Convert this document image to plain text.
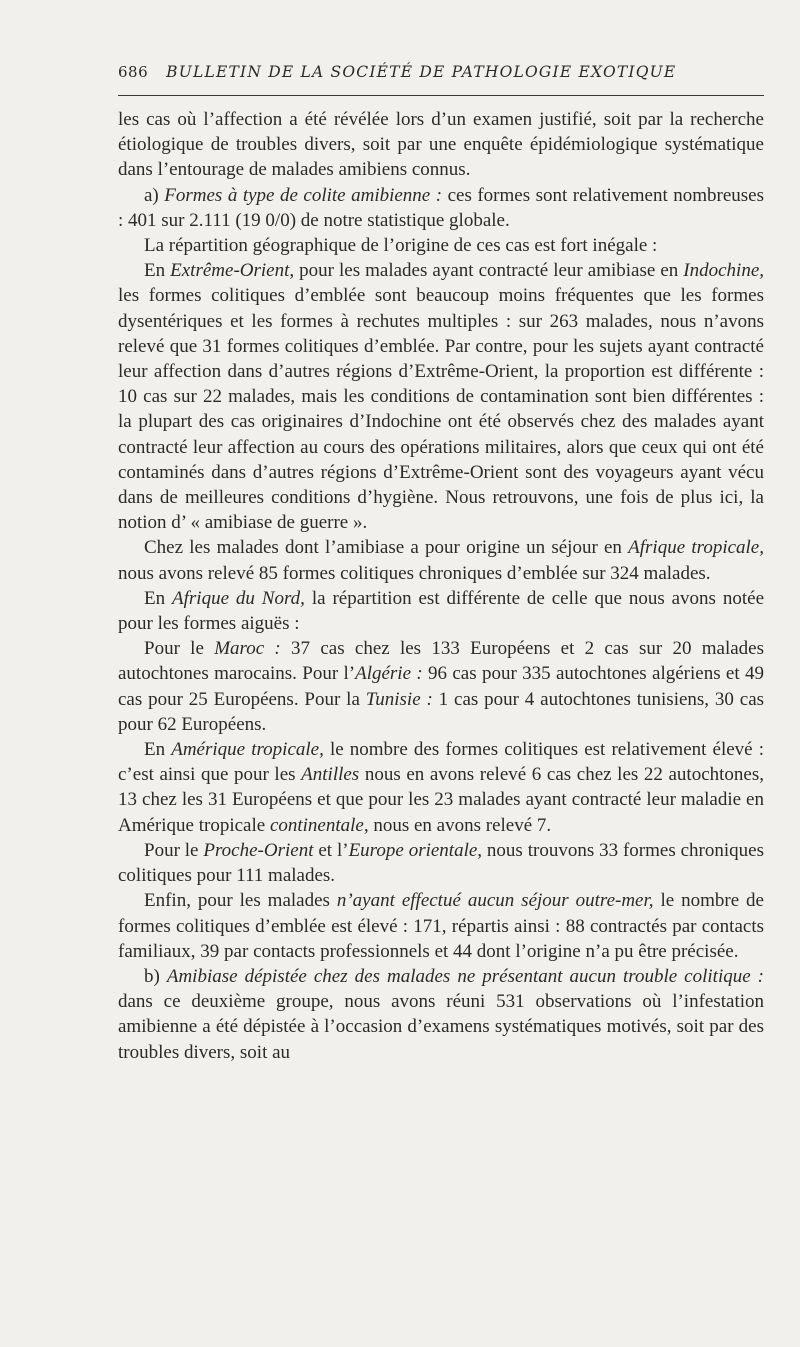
686 BULLETIN DE LA SOCIÉTÉ DE PATHOLOGIE EXOTIQUE

les cas où l’affection a été révélée lors d’un examen justifié, soit par la recherche étiologique de troubles divers, soit par une enquête épidémiologique systématique dans l’entourage de malades amibiens connus.

a) Formes à type de colite amibienne : ces formes sont relativement nombreuses : 401 sur 2.111 (19 0/0) de notre statistique globale.

La répartition géographique de l’origine de ces cas est fort inégale :

En Extrême-Orient, pour les malades ayant contracté leur amibiase en Indochine, les formes colitiques d’emblée sont beaucoup moins fréquentes que les formes dysentériques et les formes à rechutes multiples : sur 263 malades, nous n’avons relevé que 31 formes colitiques d’emblée. Par contre, pour les sujets ayant contracté leur affection dans d’autres régions d’Extrême-Orient, la proportion est différente : 10 cas sur 22 malades, mais les conditions de contamination sont bien différentes : la plupart des cas originaires d’Indochine ont été observés chez des malades ayant contracté leur affection au cours des opérations militaires, alors que ceux qui ont été contaminés dans d’autres régions d’Extrême-Orient sont des voyageurs ayant vécu dans de meilleures conditions d’hygiène. Nous retrouvons, une fois de plus ici, la notion d’ « amibiase de guerre ».

Chez les malades dont l’amibiase a pour origine un séjour en Afrique tropicale, nous avons relevé 85 formes colitiques chroniques d’emblée sur 324 malades.

En Afrique du Nord, la répartition est différente de celle que nous avons notée pour les formes aiguës :

Pour le Maroc : 37 cas chez les 133 Européens et 2 cas sur 20 malades autochtones marocains. Pour l’Algérie : 96 cas pour 335 autochtones algériens et 49 cas pour 25 Européens. Pour la Tunisie : 1 cas pour 4 autochtones tunisiens, 30 cas pour 62 Européens.

En Amérique tropicale, le nombre des formes colitiques est relativement élevé : c’est ainsi que pour les Antilles nous en avons relevé 6 cas chez les 22 autochtones, 13 chez les 31 Européens et que pour les 23 malades ayant contracté leur maladie en Amérique tropicale continentale, nous en avons relevé 7.

Pour le Proche-Orient et l’Europe orientale, nous trouvons 33 formes chroniques colitiques pour 111 malades.

Enfin, pour les malades n’ayant effectué aucun séjour outre-mer, le nombre de formes colitiques d’emblée est élevé : 171, répartis ainsi : 88 contractés par contacts familiaux, 39 par contacts professionnels et 44 dont l’origine n’a pu être précisée.

b) Amibiase dépistée chez des malades ne présentant aucun trouble colitique : dans ce deuxième groupe, nous avons réuni 531 observations où l’infestation amibienne a été dépistée à l’occasion d’examens systématiques motivés, soit par des troubles divers, soit au
